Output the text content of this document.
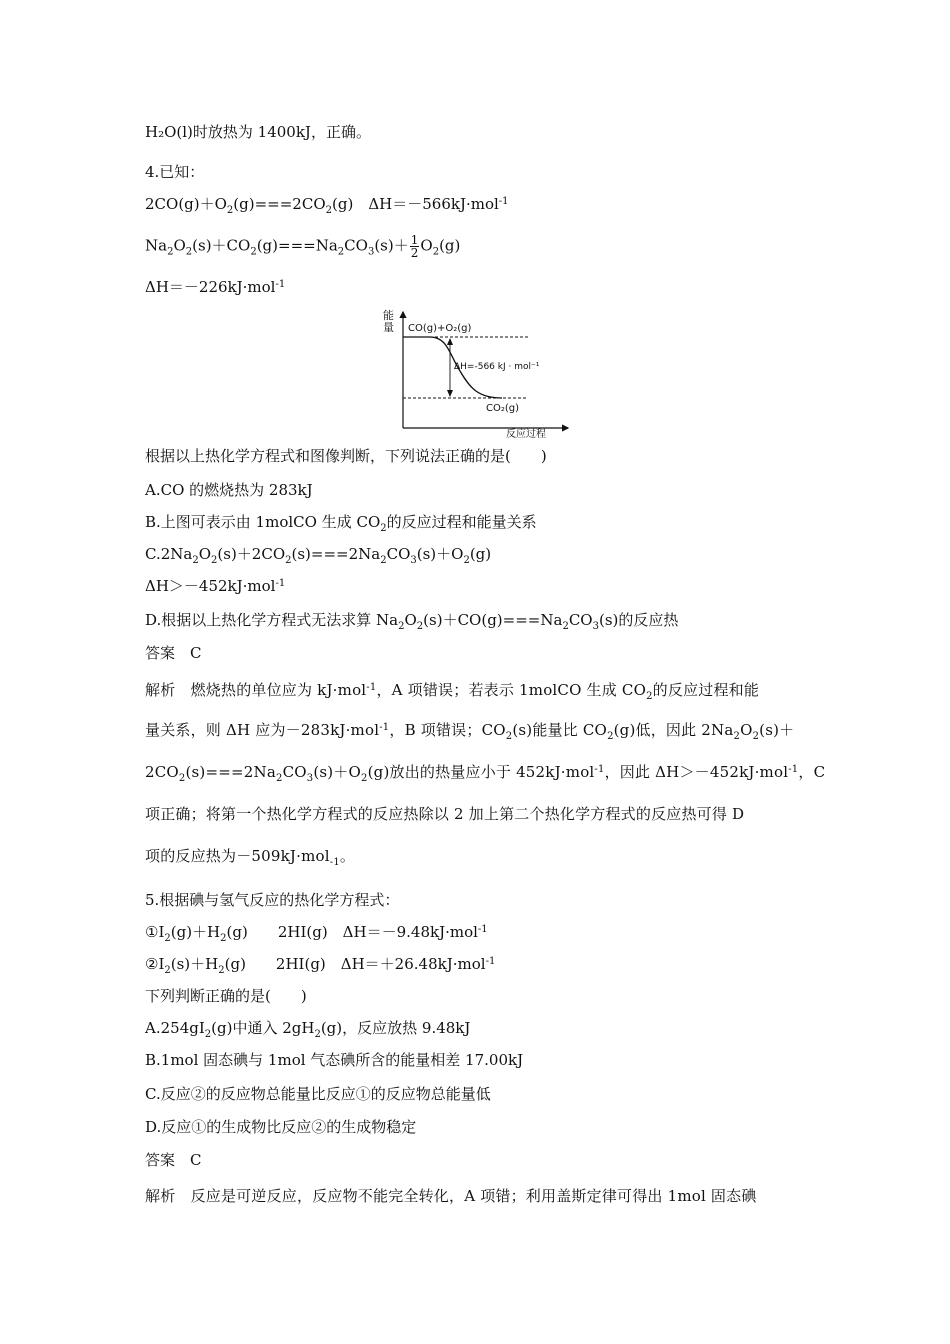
H₂O(l)时放热为 1400kJ，正确。
4.已知：
$2CO(g)+O_2(g)===2CO_2(g)$　ΔH＝－566kJ·mol$^{-1}$
$Na_2O_2(s)+CO_2(g)===Na_2CO_3(s)+ \frac{1}{2} O_2(g)$
ΔH＝－226kJ·mol$^{-1}$
能
量 CO(g)+O₂(g)
CO₂(g)
ΔH=-566 kJ · mol⁻¹
反应过程
根据以上热化学方程式和图像判断，下列说法正确的是(　　)
A.CO 的燃烧热为 283kJ
B.上图可表示由 1molCO 生成 $CO_2$的反应过程和能量关系
$C.2Na_2O_2(s)+2CO_2(s)===2Na_2CO_3(s)+O_2(g)$
ΔH＞－452kJ·mol$^{-1}$
D.根据以上热化学方程式无法求算 $Na_2O_2(s)+CO(g)===Na_2CO_3(s)$的反应热
答案　C
解析　燃烧热的单位应为 kJ·mol$^{-1}$，A 项错误；若表示 1molCO 生成 $CO_2$的反应过程和能
量关系，则 ΔH 应为－283kJ·mol$^{-1}$，B 项错误；$CO_2(s)$能量比 $CO_2(g)$低，因此 $2Na_2O_2(s)+$
$2CO_2(s)===2Na_2CO_3(s)+O_2(g)$放出的热量应小于 452kJ·mol$^{-1}$，因此 ΔH＞－452kJ·mol$^{-1}$，C
项正确；将第一个热化学方程式的反应热除以 2 加上第二个热化学方程式的反应热可得 D
项的反应热为－509kJ·mol$_{-1}$。
5.根据碘与氢气反应的热化学方程式：
$①I_2(g)+H_2(g)$　　2HI(g)　ΔH＝－9.48kJ·mol$^{-1}$
$②I_2(s)+H_2(g)$　　2HI(g)　ΔH＝＋26.48kJ·mol$^{-1}$
下列判断正确的是(　　)
$A.254gI_2(g)$中通入 $2gH_2(g)$，反应放热 9.48kJ
B.1mol 固态碘与 1mol 气态碘所含的能量相差 17.00kJ
C.反应②的反应物总能量比反应①的反应物总能量低
D.反应①的生成物比反应②的生成物稳定
答案　C
解析　反应是可逆反应，反应物不能完全转化，A 项错；利用盖斯定律可得出 1mol 固态碘
